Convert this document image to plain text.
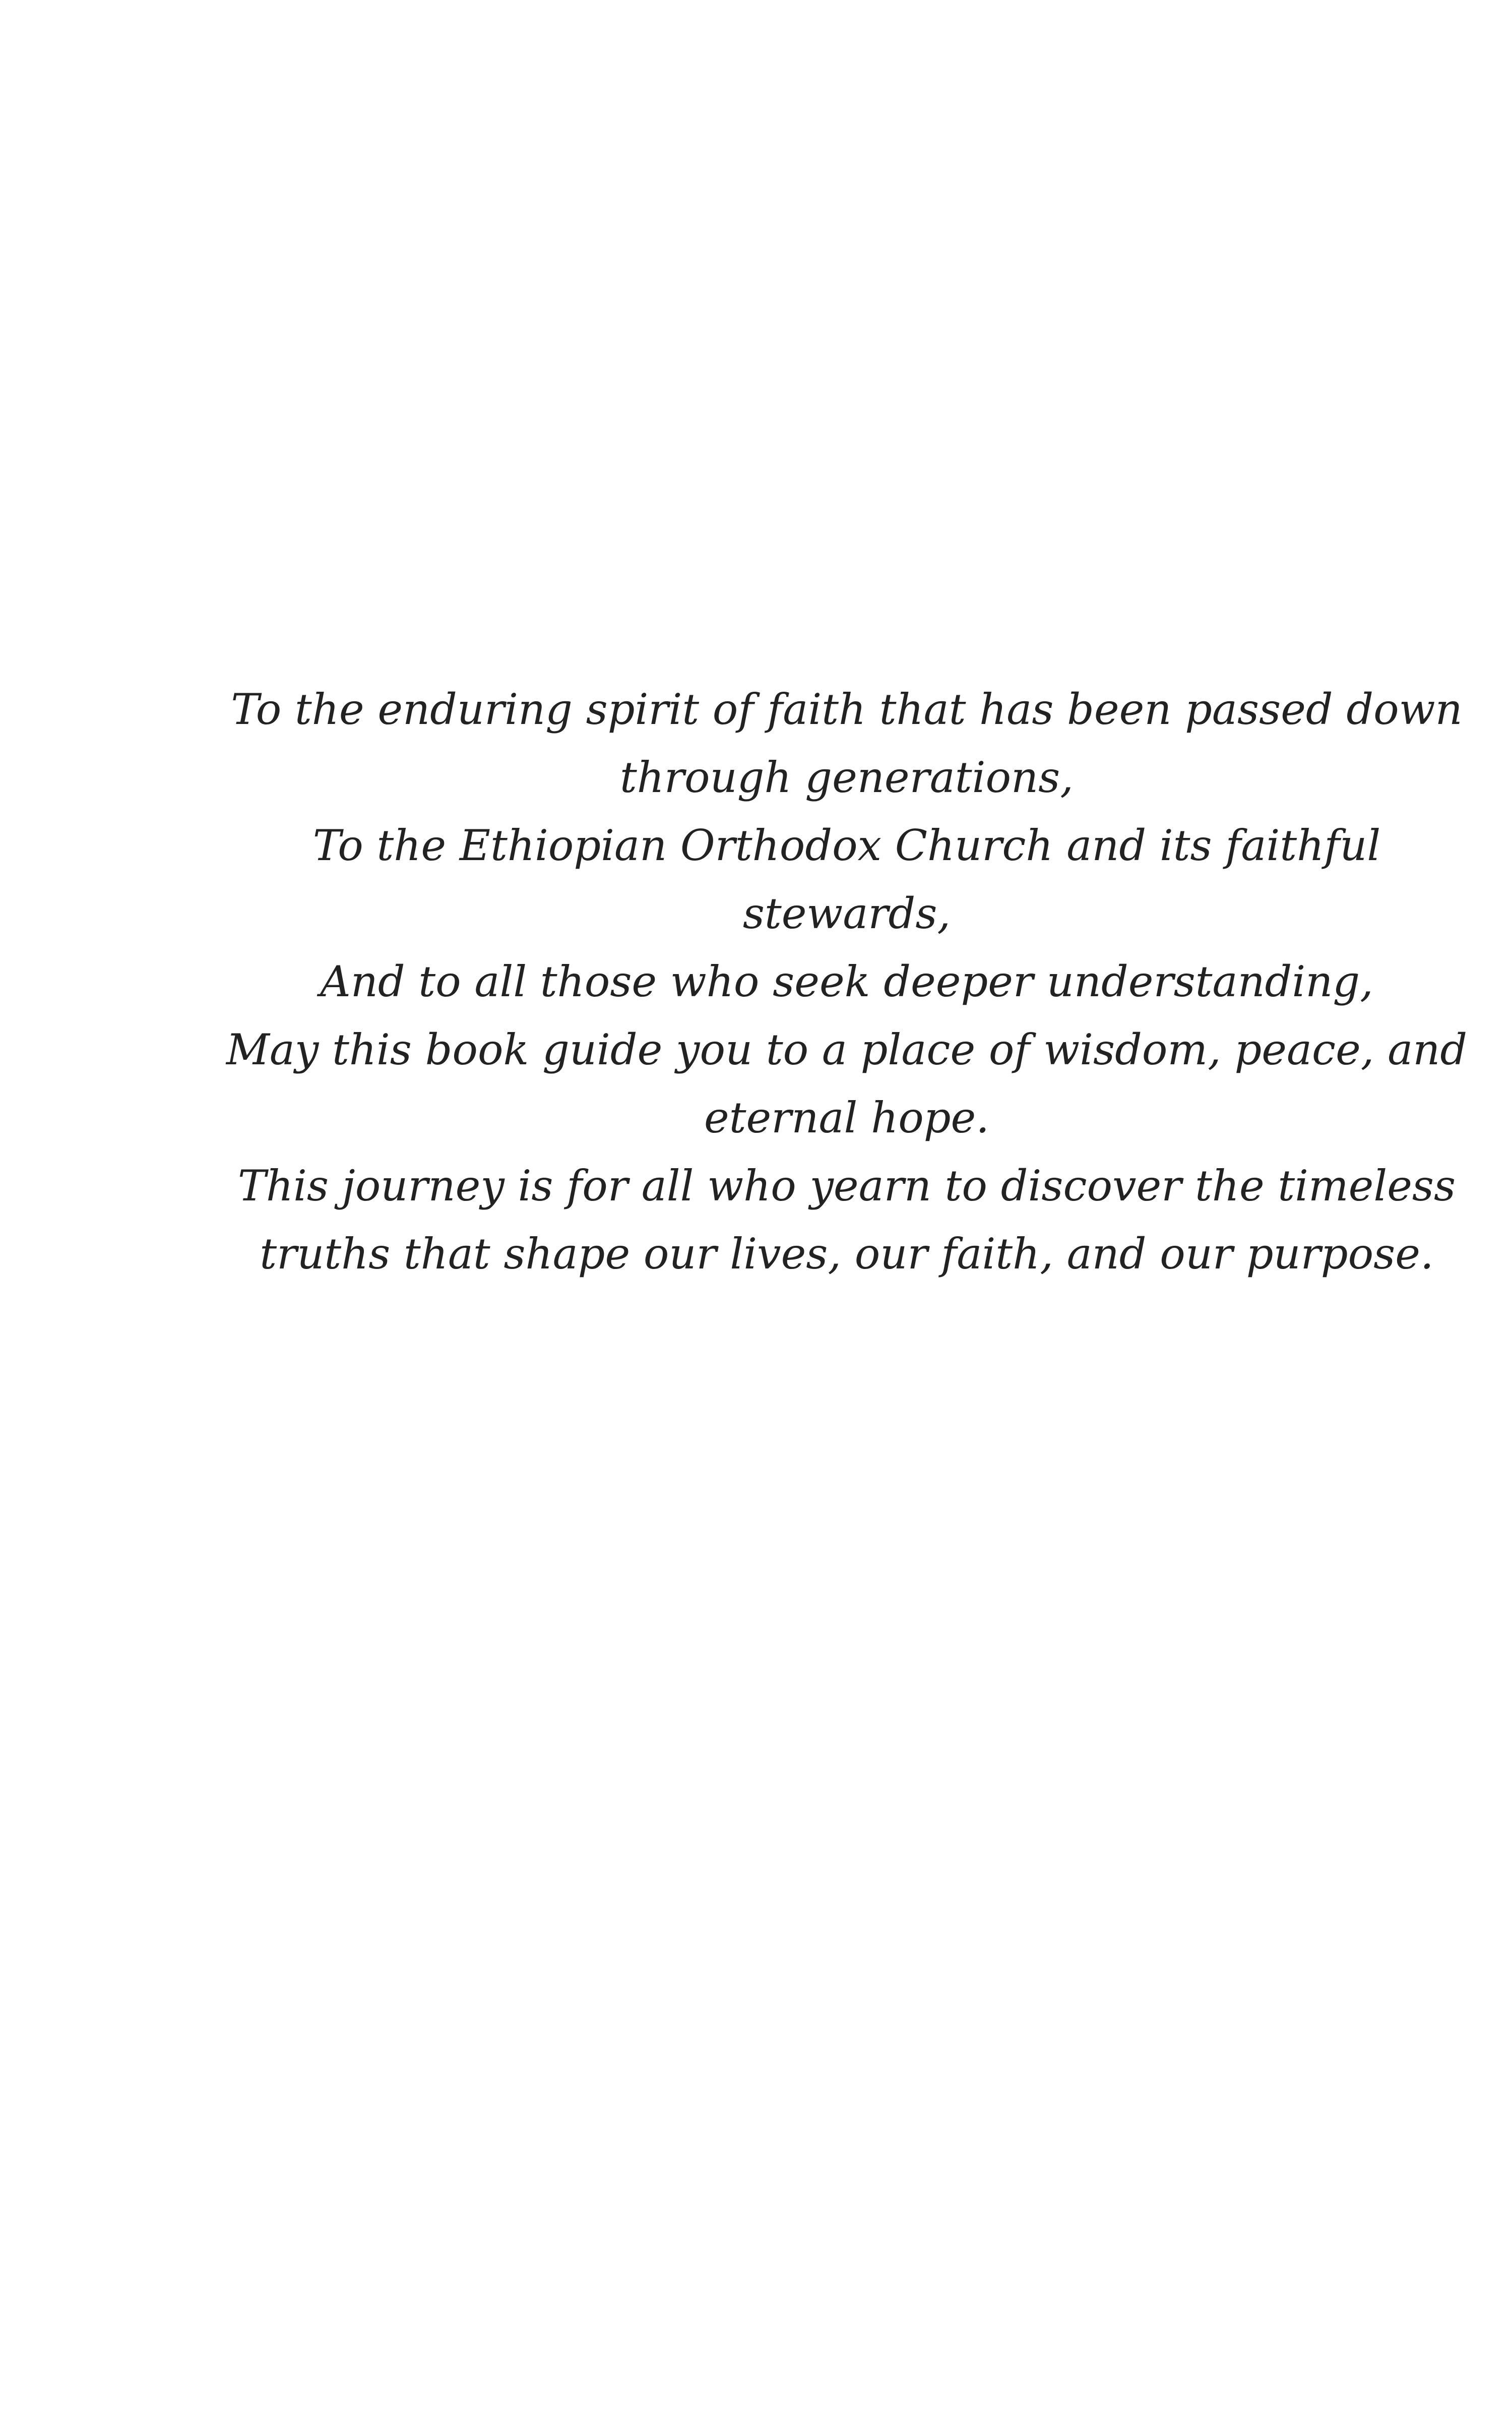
To the enduring spirit of faith that has been passed down through generations,

To the Ethiopian Orthodox Church and its faithful stewards,

And to all those who seek deeper understanding,

May this book guide you to a place of wisdom, peace, and eternal hope.

This journey is for all who yearn to discover the timeless truths that shape our lives, our faith, and our purpose.
